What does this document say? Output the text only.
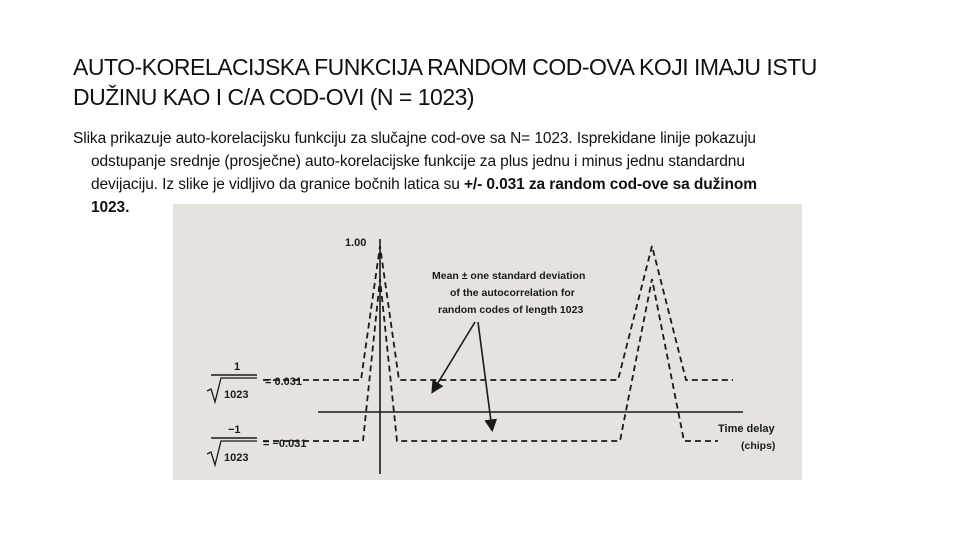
AUTO-KORELACIJSKA FUNKCIJA RANDOM COD-OVA KOJI IMAJU ISTU
DUŽINU KAO I C/A COD-OVI (N = 1023)

Slika prikazuje auto-korelacijsku funkciju za slučajne cod-ove sa N= 1023. Isprekidane linije pokazuju
odstupanje srednje (prosječne) auto-korelacijske funkcije za plus jednu i minus jednu standardnu
devijaciju. Iz slike je vidljivo da granice bočnih latica su +/- 0.031 za random cod-ove sa dužinom
1023.

1.00
Mean ± one standard deviation
of the autocorrelation for
random codes of length 1023
1
1023
= 0.031
−1
1023
= −0.031
Time delay
(chips)
